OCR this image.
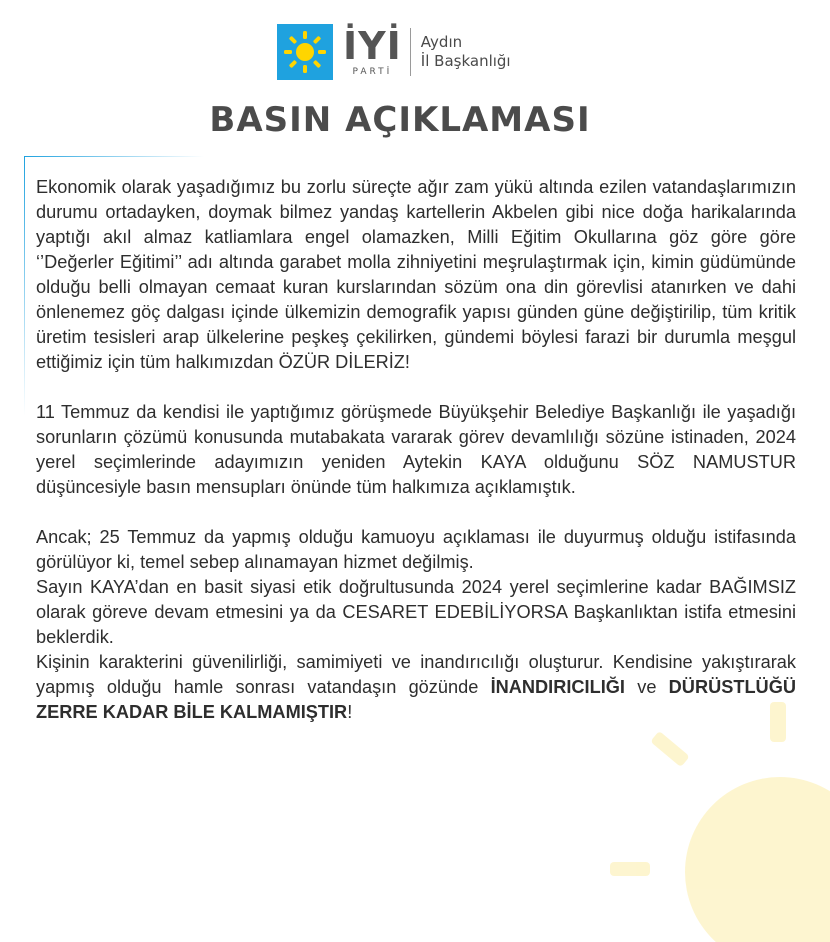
İYİ
PARTİ
Aydın
İl Başkanlığı
BASIN AÇIKLAMASI

Ekonomik olarak yaşadığımız bu zorlu süreçte ağır zam yükü altında ezilen vatandaşlarımızın durumu ortadayken, doymak bilmez yandaş kartellerin Akbelen gibi nice doğa harikalarında yaptığı akıl almaz katliamlara engel olamazken, Milli Eğitim Okullarına göz göre göre ‘’Değerler Eğitimi’’ adı altında garabet molla zihniyetini meşrulaştırmak için, kimin güdümünde olduğu belli olmayan cemaat kuran kurslarından sözüm ona din görevlisi atanırken ve dahi önlenemez göç dalgası içinde ülkemizin demografik yapısı günden güne değiştirilip, tüm kritik üretim tesisleri arap ülkelerine peşkeş çekilirken, gündemi böylesi farazi bir durumla meşgul ettiğimiz için tüm halkımızdan ÖZÜR DİLERİZ!

11 Temmuz da kendisi ile yaptığımız görüşmede Büyükşehir Belediye Başkanlığı ile yaşadığı sorunların çözümü konusunda mutabakata vararak görev devamlılığı sözüne istinaden, 2024 yerel seçimlerinde adayımızın yeniden Aytekin KAYA olduğunu SÖZ NAMUSTUR düşüncesiyle basın mensupları önünde tüm halkımıza açıklamıştık.

Ancak; 25 Temmuz da yapmış olduğu kamuoyu açıklaması ile duyurmuş olduğu istifasında görülüyor ki, temel sebep alınamayan hizmet değilmiş.

Sayın KAYA’dan en basit siyasi etik doğrultusunda 2024 yerel seçimlerine kadar BAĞIMSIZ olarak göreve devam etmesini ya da CESARET EDEBİLİYORSA Başkanlıktan istifa etmesini beklerdik.

Kişinin karakterini güvenilirliği, samimiyeti ve inandırıcılığı oluşturur. Kendisine yakıştırarak yapmış olduğu hamle sonrası vatandaşın gözünde İNANDIRICILIĞI ve DÜRÜSTLÜĞÜ ZERRE KADAR BİLE KALMAMIŞTIR!
